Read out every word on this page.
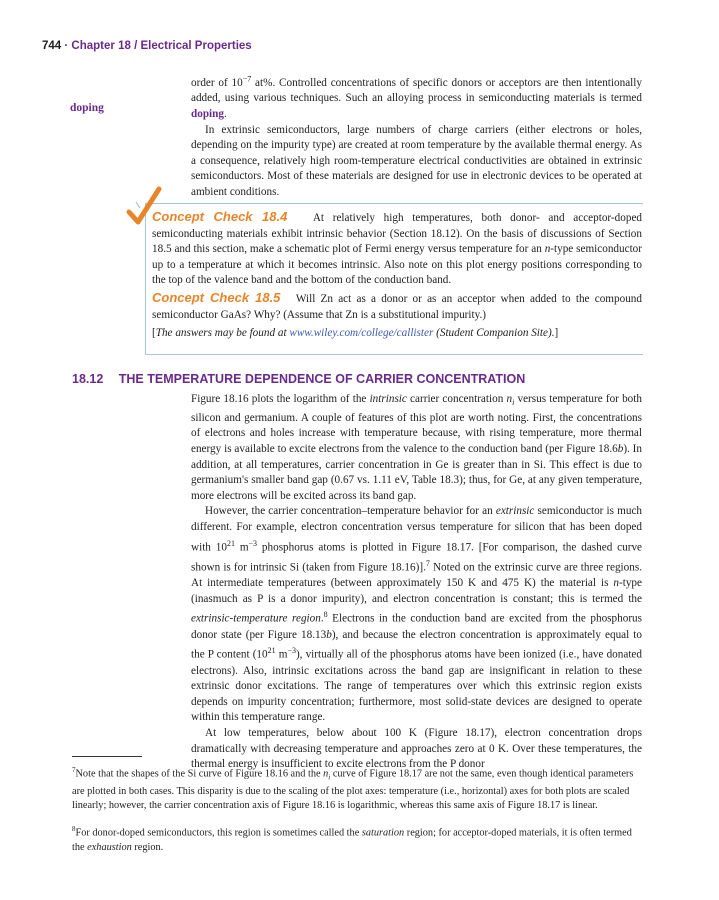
744 · Chapter 18 / Electrical Properties
doping
order of $10^{-7}$ at%. Controlled concentrations of specific donors or acceptors are then intentionally added, using various techniques. Such an alloying process in semiconducting materials is termed doping.
In extrinsic semiconductors, large numbers of charge carriers (either electrons or holes, depending on the impurity type) are created at room temperature by the available thermal energy. As a consequence, relatively high room-temperature electrical conductivities are obtained in extrinsic semiconductors. Most of these materials are designed for use in electronic devices to be operated at ambient conditions.
Concept Check 18.4 At relatively high temperatures, both donor- and acceptor-doped semiconducting materials exhibit intrinsic behavior (Section 18.12). On the basis of discussions of Section 18.5 and this section, make a schematic plot of Fermi energy versus temperature for an n-type semiconductor up to a temperature at which it becomes intrinsic. Also note on this plot energy positions corresponding to the top of the valence band and the bottom of the conduction band.
Concept Check 18.5 Will Zn act as a donor or as an acceptor when added to the compound semiconductor GaAs? Why? (Assume that Zn is a substitutional impurity.)
[The answers may be found at www.wiley.com/college/callister (Student Companion Site).]
18.12 THE TEMPERATURE DEPENDENCE OF CARRIER CONCENTRATION
Figure 18.16 plots the logarithm of the intrinsic carrier concentration $n_i$ versus temperature for both silicon and germanium. A couple of features of this plot are worth noting. First, the concentrations of electrons and holes increase with temperature because, with rising temperature, more thermal energy is available to excite electrons from the valence to the conduction band (per Figure 18.6b). In addition, at all temperatures, carrier concentration in Ge is greater than in Si. This effect is due to germanium's smaller band gap (0.67 vs. 1.11 eV, Table 18.3); thus, for Ge, at any given temperature, more electrons will be excited across its band gap.
However, the carrier concentration–temperature behavior for an extrinsic semiconductor is much different. For example, electron concentration versus temperature for silicon that has been doped with $10^{21}$ $m^{-3}$ phosphorus atoms is plotted in Figure 18.17. [For comparison, the dashed curve shown is for intrinsic Si (taken from Figure 18.16)].$^7$ Noted on the extrinsic curve are three regions. At intermediate temperatures (between approximately 150 K and 475 K) the material is n-type (inasmuch as P is a donor impurity), and electron concentration is constant; this is termed the extrinsic-temperature region.$^8$ Electrons in the conduction band are excited from the phosphorus donor state (per Figure 18.13b), and because the electron concentration is approximately equal to the P content ($10^{21}$ $m^{-3}$), virtually all of the phosphorus atoms have been ionized (i.e., have donated electrons). Also, intrinsic excitations across the band gap are insignificant in relation to these extrinsic donor excitations. The range of temperatures over which this extrinsic region exists depends on impurity concentration; furthermore, most solid-state devices are designed to operate within this temperature range.
At low temperatures, below about 100 K (Figure 18.17), electron concentration drops dramatically with decreasing temperature and approaches zero at 0 K. Over these temperatures, the thermal energy is insufficient to excite electrons from the P donor
$^7$Note that the shapes of the Si curve of Figure 18.16 and the $n_i$ curve of Figure 18.17 are not the same, even though identical parameters are plotted in both cases. This disparity is due to the scaling of the plot axes: temperature (i.e., horizontal) axes for both plots are scaled linearly; however, the carrier concentration axis of Figure 18.16 is logarithmic, whereas this same axis of Figure 18.17 is linear.
$^8$For donor-doped semiconductors, this region is sometimes called the saturation region; for acceptor-doped materials, it is often termed the exhaustion region.
